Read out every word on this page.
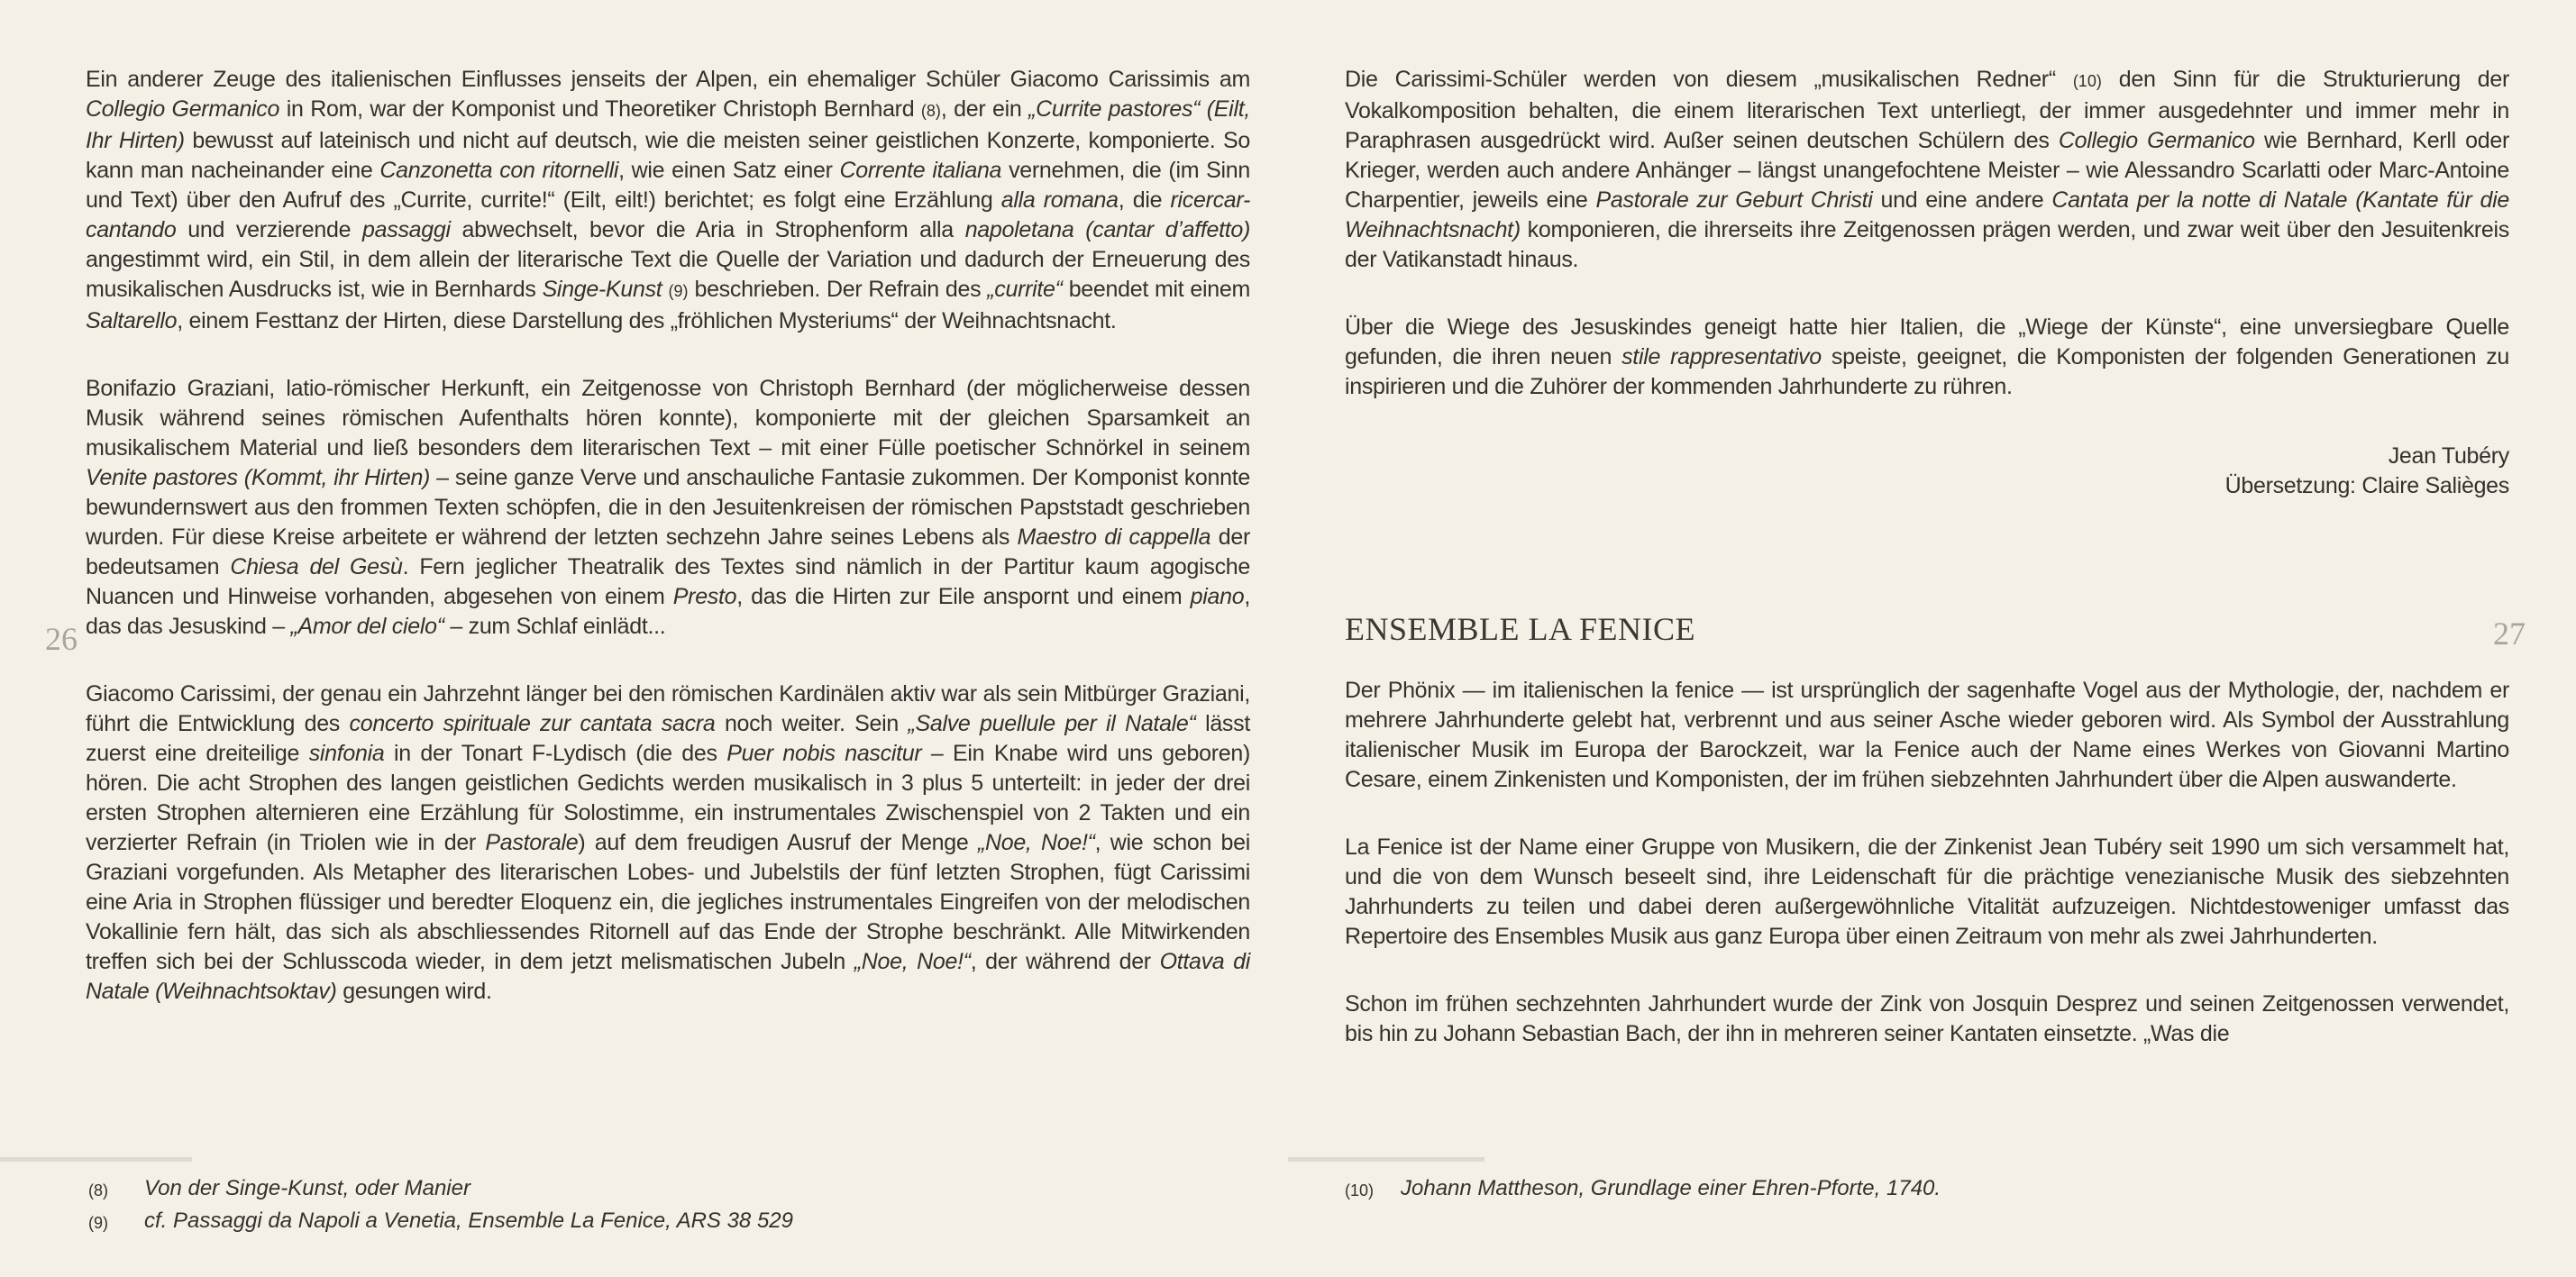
26	27

Ein anderer Zeuge des italienischen Einflusses jenseits der Alpen, ein ehemaliger Schüler Giacomo Carissimis am Collegio Germanico in Rom, war der Komponist und Theoretiker Christoph Bernhard (8), der ein „Currite pastores“ (Eilt, Ihr Hirten) bewusst auf lateinisch und nicht auf deutsch, wie die meisten seiner geistlichen Konzerte, komponierte. So kann man nacheinander eine Canzonetta con ritornelli, wie einen Satz einer Corrente italiana vernehmen, die (im Sinn und Text) über den Aufruf des „Currite, currite!“ (Eilt, eilt!) berichtet; es folgt eine Erzählung alla romana, die ricercar-cantando und verzierende passaggi abwechselt, bevor die Aria in Strophenform alla napoletana (cantar d’affetto) angestimmt wird, ein Stil, in dem allein der literarische Text die Quelle der Variation und dadurch der Erneuerung des musikalischen Ausdrucks ist, wie in Bernhards Singe-Kunst (9) beschrieben. Der Refrain des „currite“ beendet mit einem Saltarello, einem Festtanz der Hirten, diese Darstellung des „fröhlichen Mysteriums“ der Weihnachtsnacht.

Bonifazio Graziani, latio-römischer Herkunft, ein Zeitgenosse von Christoph Bernhard (der möglicherweise dessen Musik während seines römischen Aufenthalts hören konnte), komponierte mit der gleichen Sparsamkeit an musikalischem Material und ließ besonders dem literarischen Text – mit einer Fülle poetischer Schnörkel in seinem Venite pastores (Kommt, ihr Hirten) – seine ganze Verve und anschauliche Fantasie zukommen. Der Komponist konnte bewundernswert aus den frommen Texten schöpfen, die in den Jesuitenkreisen der römischen Papststadt geschrieben wurden. Für diese Kreise arbeitete er während der letzten sechzehn Jahre seines Lebens als Maestro di cappella der bedeutsamen Chiesa del Gesù. Fern jeglicher Theatralik des Textes sind nämlich in der Partitur kaum agogische Nuancen und Hinweise vorhanden, abgesehen von einem Presto, das die Hirten zur Eile anspornt und einem piano, das das Jesuskind – „Amor del cielo“ – zum Schlaf einlädt...

Giacomo Carissimi, der genau ein Jahrzehnt länger bei den römischen Kardinälen aktiv war als sein Mitbürger Graziani, führt die Entwicklung des concerto spirituale zur cantata sacra noch weiter. Sein „Salve puellule per il Natale“ lässt zuerst eine dreiteilige sinfonia in der Tonart F-Lydisch (die des Puer nobis nascitur – Ein Knabe wird uns geboren) hören. Die acht Strophen des langen geistlichen Gedichts werden musikalisch in 3 plus 5 unterteilt: in jeder der drei ersten Strophen alternieren eine Erzählung für Solostimme, ein instrumentales Zwischenspiel von 2 Takten und ein verzierter Refrain (in Triolen wie in der Pastorale) auf dem freudigen Ausruf der Menge „Noe, Noe!“, wie schon bei Graziani vorgefunden. Als Metapher des literarischen Lobes- und Jubelstils der fünf letzten Strophen, fügt Carissimi eine Aria in Strophen flüssiger und beredter Eloquenz ein, die jegliches instrumentales Eingreifen von der melodischen Vokallinie fern hält, das sich als abschliessendes Ritornell auf das Ende der Strophe beschränkt. Alle Mitwirkenden treffen sich bei der Schlusscoda wieder, in dem jetzt melismatischen Jubeln „Noe, Noe!“, der während der Ottava di Natale (Weihnachtsoktav) gesungen wird.

Die Carissimi-Schüler werden von diesem „musikalischen Redner“ (10) den Sinn für die Strukturierung der Vokalkomposition behalten, die einem literarischen Text unterliegt, der immer ausgedehnter und immer mehr in Paraphrasen ausgedrückt wird. Außer seinen deutschen Schülern des Collegio Germanico wie Bernhard, Kerll oder Krieger, werden auch andere Anhänger – längst unangefochtene Meister – wie Alessandro Scarlatti oder Marc-Antoine Charpentier, jeweils eine Pastorale zur Geburt Christi und eine andere Cantata per la notte di Natale (Kantate für die Weihnachtsnacht) komponieren, die ihrerseits ihre Zeitgenossen prägen werden, und zwar weit über den Jesuitenkreis der Vatikanstadt hinaus.

Über die Wiege des Jesuskindes geneigt hatte hier Italien, die „Wiege der Künste“, eine unversiegbare Quelle gefunden, die ihren neuen stile rappresentativo speiste, geeignet, die Komponisten der folgenden Generationen zu inspirieren und die Zuhörer der kommenden Jahrhunderte zu rühren.

Jean Tubéry
Übersetzung: Claire Salièges
ENSEMBLE LA FENICE

Der Phönix — im italienischen la fenice — ist ursprünglich der sagenhafte Vogel aus der Mythologie, der, nachdem er mehrere Jahrhunderte gelebt hat, verbrennt und aus seiner Asche wieder geboren wird. Als Symbol der Ausstrahlung italienischer Musik im Europa der Barockzeit, war la Fenice auch der Name eines Werkes von Giovanni Martino Cesare, einem Zinkenisten und Komponisten, der im frühen siebzehnten Jahrhundert über die Alpen auswanderte.

La Fenice ist der Name einer Gruppe von Musikern, die der Zinkenist Jean Tubéry seit 1990 um sich versammelt hat, und die von dem Wunsch beseelt sind, ihre Leidenschaft für die prächtige venezianische Musik des siebzehnten Jahrhunderts zu teilen und dabei deren außergewöhnliche Vitalität aufzuzeigen. Nichtdestoweniger umfasst das Repertoire des Ensembles Musik aus ganz Europa über einen Zeitraum von mehr als zwei Jahrhunderten.

Schon im frühen sechzehnten Jahrhundert wurde der Zink von Josquin Desprez und seinen Zeitgenossen verwendet, bis hin zu Johann Sebastian Bach, der ihn in mehreren seiner Kantaten einsetzte. „Was die

(8)	Von der Singe-Kunst, oder Manier
(9)	cf. Passaggi da Napoli a Venetia, Ensemble La Fenice, ARS 38 529
(10)	Johann Mattheson, Grundlage einer Ehren-Pforte, 1740.
